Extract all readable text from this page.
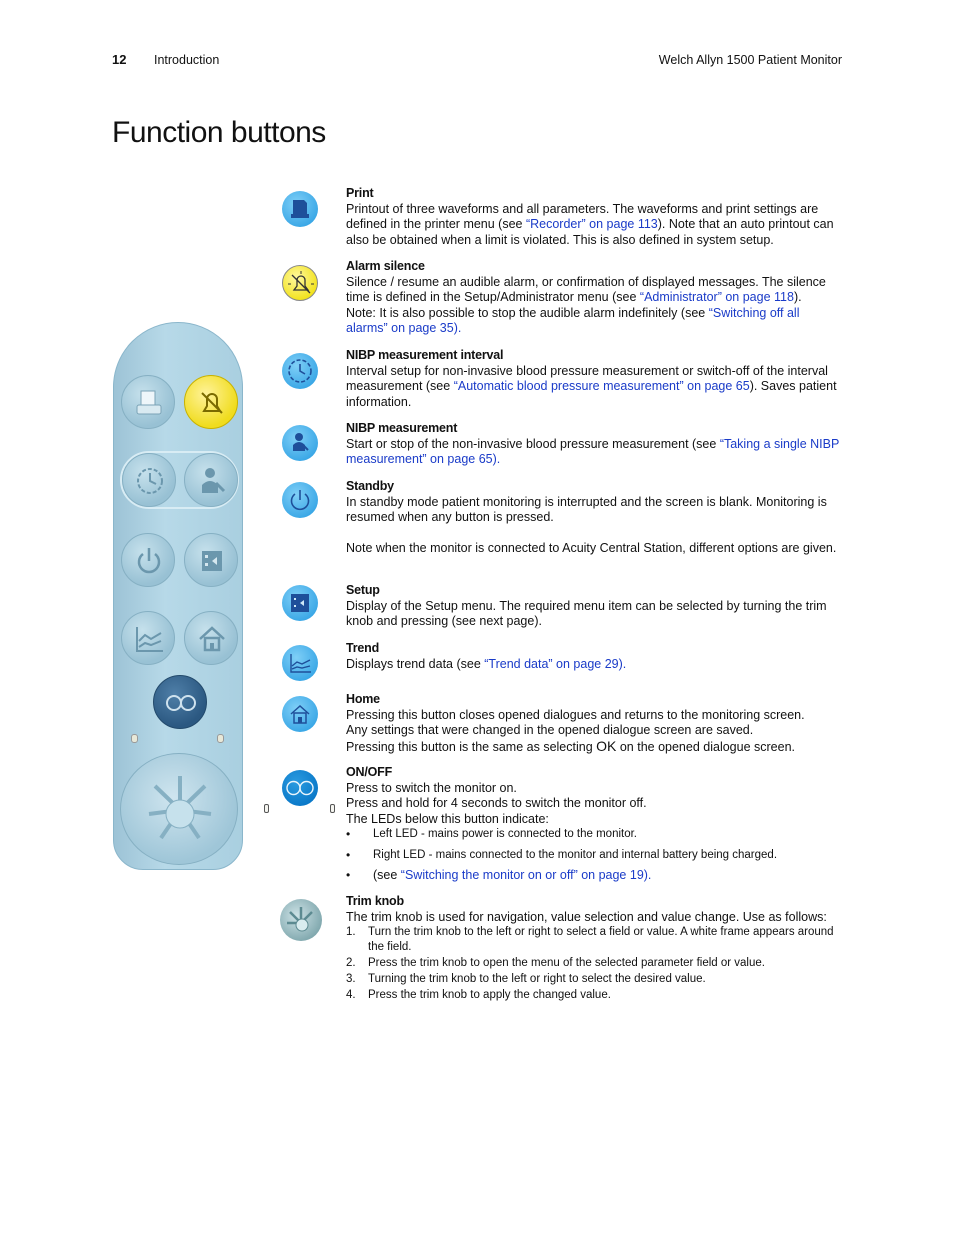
12 Introduction	Welch Allyn 1500 Patient Monitor
Function buttons

Print

Printout of three waveforms and all parameters. The waveforms and print settings are defined in the printer menu (see “Recorder” on page 113). Note that an auto printout can also be obtained when a limit is violated. This is also defined in system setup.

Alarm silence

Silence / resume an audible alarm, or confirmation of displayed messages. The silence time is defined in the Setup/Administrator menu (see “Administrator” on page 118).

Note: It is also possible to stop the audible alarm indefinitely (see “Switching off all alarms” on page 35).

NIBP measurement interval

Interval setup for non-invasive blood pressure measurement or switch-off of the interval measurement (see “Automatic blood pressure measurement” on page 65). Saves patient information.

NIBP measurement

Start or stop of the non-invasive blood pressure measurement (see “Taking a single NIBP measurement” on page 65).

Standby

In standby mode patient monitoring is interrupted and the screen is blank. Monitoring is resumed when any button is pressed.

Note when the monitor is connected to Acuity Central Station, different options are given.

Setup

Display of the Setup menu. The required menu item can be selected by turning the trim knob and pressing (see next page).

Trend

Displays trend data (see “Trend data” on page 29).

Home

Pressing this button closes opened dialogues and returns to the monitoring screen.

Any settings that were changed in the opened dialogue screen are saved.

Pressing this button is the same as selecting OK on the opened dialogue screen.

ON/OFF

Press to switch the monitor on.

Press and hold for 4 seconds to switch the monitor off.

The LEDs below this button indicate:

• Left LED - mains power is connected to the monitor.

• Right LED - mains connected to the monitor and internal battery being charged.

• (see “Switching the monitor on or off” on page 19).

Trim knob

The trim knob is used for navigation, value selection and value change. Use as follows:

1. Turn the trim knob to the left or right to select a field or value. A white frame appears around the field.

2. Press the trim knob to open the menu of the selected parameter field or value.

3. Turning the trim knob to the left or right to select the desired value.

4. Press the trim knob to apply the changed value.
